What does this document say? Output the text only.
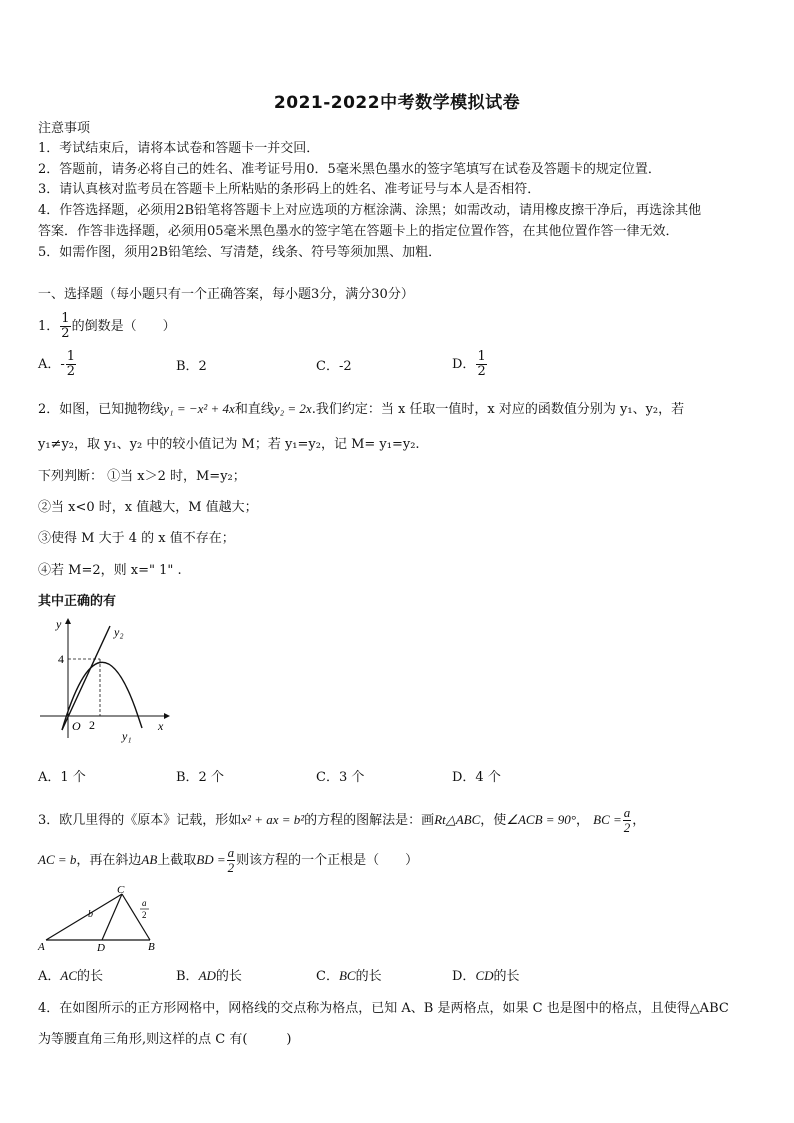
2021-2022中考数学模拟试卷
注意事项
1．考试结束后，请将本试卷和答题卡一并交回．
2．答题前，请务必将自己的姓名、准考证号用0．5毫米黑色墨水的签字笔填写在试卷及答题卡的规定位置．
3．请认真核对监考员在答题卡上所粘贴的条形码上的姓名、准考证号与本人是否相符．
4．作答选择题，必须用2B铅笔将答题卡上对应选项的方框涂满、涂黑；如需改动，请用橡皮擦干净后，再选涂其他
答案．作答非选择题，必须用05毫米黑色墨水的签字笔在答题卡上的指定位置作答，在其他位置作答一律无效．
5．如需作图，须用2B铅笔绘、写清楚，线条、符号等须加黑、加粗．
一、选择题（每小题只有一个正确答案，每小题3分，满分30分）
1． $\frac{1}{2}$ 的倒数是（　　）
A．- $\frac{1}{2}$	B．2	C．-2	D． $\frac{1}{2}$
2．如图，已知抛物线y₁ = −x² + 4x和直线y₂ = 2x.我们约定：当 x 任取一值时，x 对应的函数值分别为 y₁、y₂，若
y₁≠y₂，取 y₁、y₂ 中的较小值记为 M；若 y₁=y₂，记 M= y₁=y₂.
下列判断： ①当 x＞2 时，M=y₂；
②当 x<0 时，x 值越大，M 值越大；
③使得 M 大于 4 的 x 值不存在；
④若 M=2，则 x=" 1" .
其中正确的有
y
x
O 2
4
y₂
y₁
A．1 个	B．2 个	C．3 个	D．4 个
3．欧几里得的《原本》记载，形如x² + ax = b²的方程的图解法是：画Rt△ABC，使∠ACB = 90°， BC = $\frac{a}{2}$ ，
AC = b，再在斜边AB上截取BD = $\frac{a}{2}$ 则该方程的一个正根是（　　）
A	B
C
D
b
a
2
A．AC的长	B．AD的长	C．BC的长	D．CD的长
4．在如图所示的正方形网格中，网格线的交点称为格点，已知 A、B 是两格点，如果 C 也是图中的格点，且使得△ABC
为等腰直角三角形,则这样的点 C 有(　　　)
